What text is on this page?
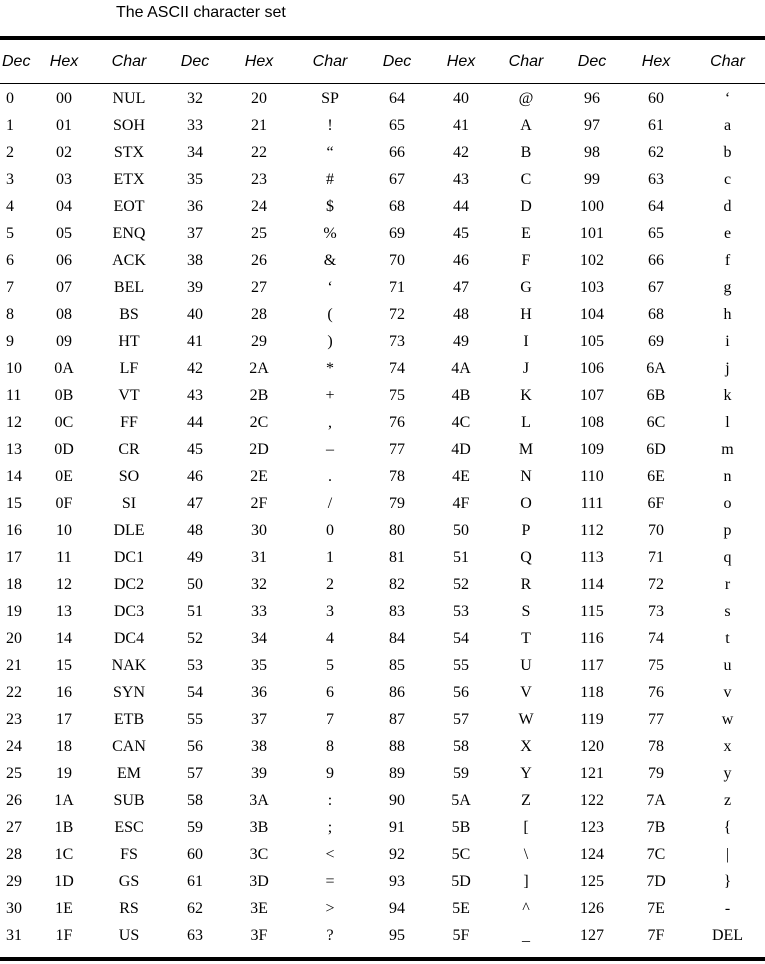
The ASCII character set
Dec	Hex	Char	Dec	Hex	Char	Dec	Hex	Char	Dec	Hex	Char

0	00	NUL	32	20	SP	64	40	@	96	60	‘
1	01	SOH	33	21	!	65	41	A	97	61	a
2	02	STX	34	22	“	66	42	B	98	62	b
3	03	ETX	35	23	#	67	43	C	99	63	c
4	04	EOT	36	24	$	68	44	D	100	64	d
5	05	ENQ	37	25	%	69	45	E	101	65	e
6	06	ACK	38	26	&	70	46	F	102	66	f
7	07	BEL	39	27	‘	71	47	G	103	67	g
8	08	BS	40	28	(	72	48	H	104	68	h
9	09	HT	41	29	)	73	49	I	105	69	i
10	0A	LF	42	2A	*	74	4A	J	106	6A	j
11	0B	VT	43	2B	+	75	4B	K	107	6B	k
12	0C	FF	44	2C	,	76	4C	L	108	6C	l
13	0D	CR	45	2D	–	77	4D	M	109	6D	m
14	0E	SO	46	2E	.	78	4E	N	110	6E	n
15	0F	SI	47	2F	/	79	4F	O	111	6F	o
16	10	DLE	48	30	0	80	50	P	112	70	p
17	11	DC1	49	31	1	81	51	Q	113	71	q
18	12	DC2	50	32	2	82	52	R	114	72	r
19	13	DC3	51	33	3	83	53	S	115	73	s
20	14	DC4	52	34	4	84	54	T	116	74	t
21	15	NAK	53	35	5	85	55	U	117	75	u
22	16	SYN	54	36	6	86	56	V	118	76	v
23	17	ETB	55	37	7	87	57	W	119	77	w
24	18	CAN	56	38	8	88	58	X	120	78	x
25	19	EM	57	39	9	89	59	Y	121	79	y
26	1A	SUB	58	3A	:	90	5A	Z	122	7A	z
27	1B	ESC	59	3B	;	91	5B	[	123	7B	{
28	1C	FS	60	3C	<	92	5C	\	124	7C	|
29	1D	GS	61	3D	=	93	5D	]	125	7D	}
30	1E	RS	62	3E	>	94	5E	^	126	7E	-
31	1F	US	63	3F	?	95	5F	_	127	7F	DEL
